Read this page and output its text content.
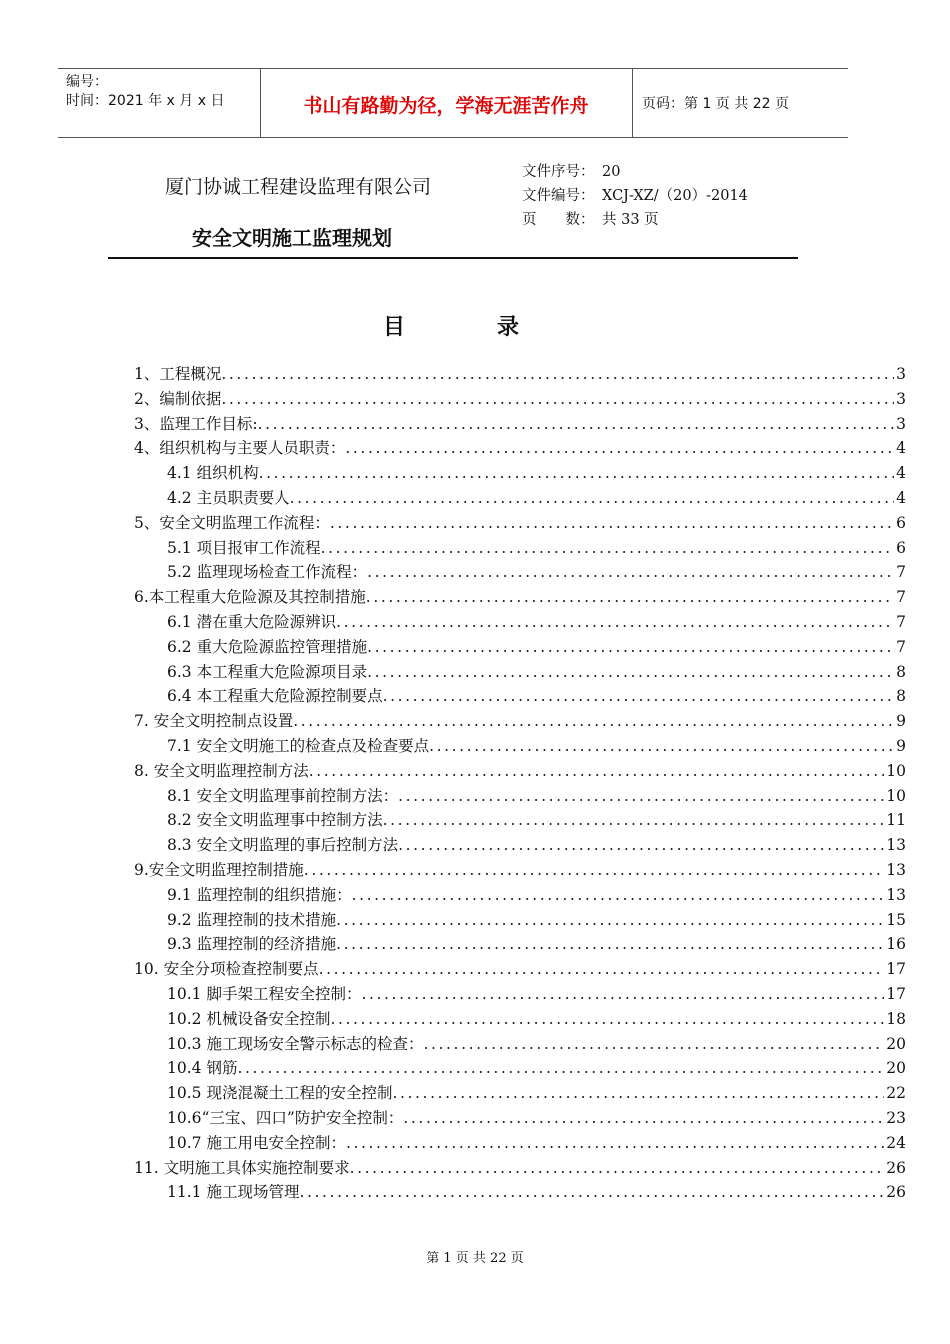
编号：
时间：2021 年 x 月 x 日	书山有路勤为径，学海无涯苦作舟	页码：第 1 页 共 22 页
厦门协诚工程建设监理有限公司
安全文明施工监理规划
文件序号： 20
文件编号： XCJ-XZ/（20）-2014
页　　数： 共 33 页
目	录
1、工程概况 .....	3
2、编制依据 .....	3
3、监理工作目标: .....	3
4、组织机构与主要人员职责： .....	4
4.1 组织机构 .....	4
4.2 主员职责要人 .....	4
5、安全文明监理工作流程： .....	6
5.1 项目报审工作流程 .....	6
5.2 监理现场检查工作流程： .....	7
6.本工程重大危险源及其控制措施 .....	7
6.1 潜在重大危险源辨识 .....	7
6.2 重大危险源监控管理措施 .....	7
6.3 本工程重大危险源项目录 .....	8
6.4 本工程重大危险源控制要点 .....	8
7. 安全文明控制点设置 .....	9
7.1 安全文明施工的检查点及检查要点 .....	9
8. 安全文明监理控制方法 .....	10
8.1 安全文明监理事前控制方法： .....	10
8.2 安全文明监理事中控制方法 .....	11
8.3 安全文明监理的事后控制方法 .....	13
9.安全文明监理控制措施 .....	13
9.1 监理控制的组织措施： .....	13
9.2 监理控制的技术措施 .....	15
9.3 监理控制的经济措施 .....	16
10. 安全分项检查控制要点 .....	17
10.1 脚手架工程安全控制： .....	17
10.2 机械设备安全控制 .....	18
10.3 施工现场安全警示标志的检查： .....	20
10.4 钢筋 .....	20
10.5 现浇混凝土工程的安全控制 .....	22
10.6“三宝、四口”防护安全控制： .....	23
10.7 施工用电安全控制： .....	24
11. 文明施工具体实施控制要求 .....	26
11.1 施工现场管理 .....	26
第 1 页 共 22 页
